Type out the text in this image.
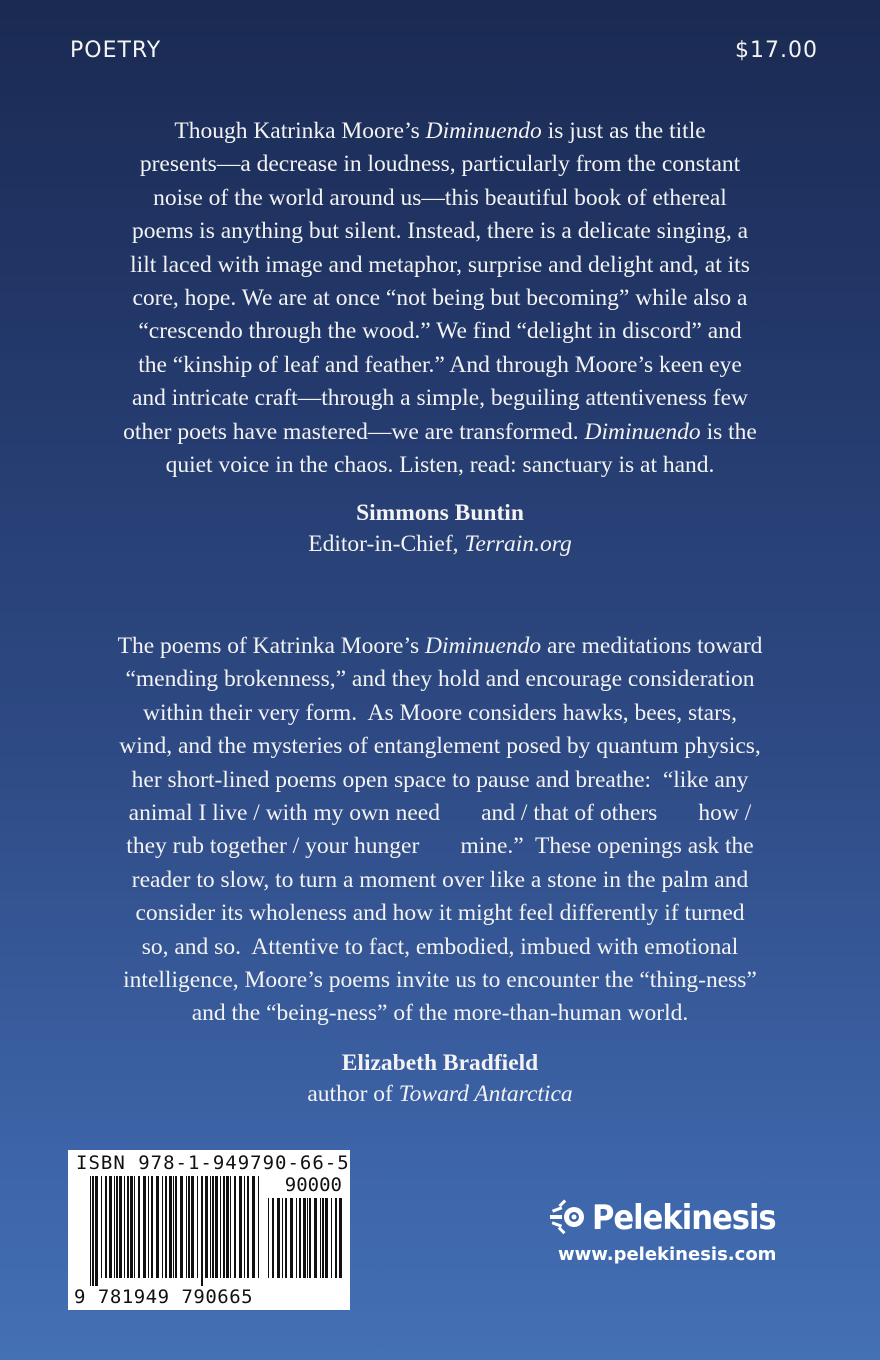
POETRY	$17.00
Though Katrinka Moore’s Diminuendo is just as the title
presents—a decrease in loudness, particularly from the constant
noise of the world around us—this beautiful book of ethereal
poems is anything but silent. Instead, there is a delicate singing, a
lilt laced with image and metaphor, surprise and delight and, at its
core, hope. We are at once “not being but becoming” while also a
“crescendo through the wood.” We find “delight in discord” and
the “kinship of leaf and feather.” And through Moore’s keen eye
and intricate craft—through a simple, beguiling attentiveness few
other poets have mastered—we are transformed. Diminuendo is the
quiet voice in the chaos. Listen, read: sanctuary is at hand.
Simmons Buntin
Editor-in-Chief, Terrain.org
The poems of Katrinka Moore’s Diminuendo are meditations toward
“mending brokenness,” and they hold and encourage consideration
within their very form.  As Moore considers hawks, bees, stars,
wind, and the mysteries of entanglement posed by quantum physics,
her short-lined poems open space to pause and breathe:  “like any
animal I live / with my own need       and / that of others       how /
they rub together / your hunger       mine.”  These openings ask the
reader to slow, to turn a moment over like a stone in the palm and
consider its wholeness and how it might feel differently if turned
so, and so.  Attentive to fact, embodied, imbued with emotional
intelligence, Moore’s poems invite us to encounter the “thing-ness”
and the “being-ness” of the more-than-human world.
Elizabeth Bradfield
author of Toward Antarctica
ISBN 978-1-949790-66-5
90000
9 781949 790665
Pelekinesis
www.pelekinesis.com
